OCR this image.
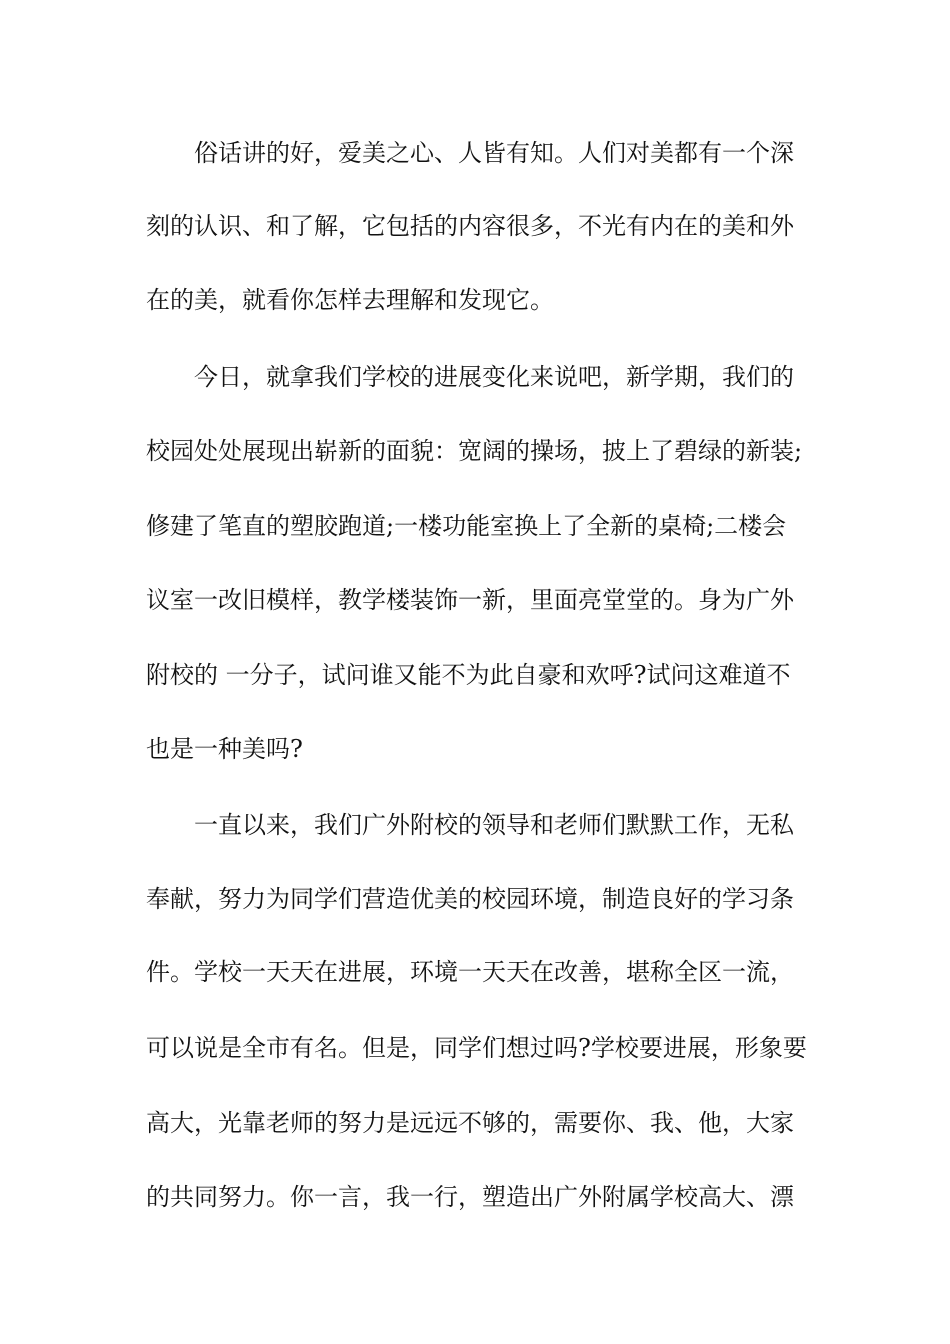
俗话讲的好，爱美之心、人皆有知。人们对美都有一个深
刻的认识、和了解，它包括的内容很多，不光有内在的美和外
在的美，就看你怎样去理解和发现它。
今日，就拿我们学校的进展变化来说吧，新学期，我们的
校园处处展现出崭新的面貌：宽阔的操场，披上了碧绿的新装;
修建了笔直的塑胶跑道;一楼功能室换上了全新的桌椅;二楼会
议室一改旧模样，教学楼装饰一新，里面亮堂堂的。身为广外
附校的 一分子，试问谁又能不为此自豪和欢呼?试问这难道不
也是一种美吗?
一直以来，我们广外附校的领导和老师们默默工作，无私
奉献，努力为同学们营造优美的校园环境，制造良好的学习条
件。学校一天天在进展，环境一天天在改善，堪称全区一流，
可以说是全市有名。但是，同学们想过吗?学校要进展，形象要
高大，光靠老师的努力是远远不够的，需要你、我、他，大家
的共同努力。你一言，我一行，塑造出广外附属学校高大、漂
